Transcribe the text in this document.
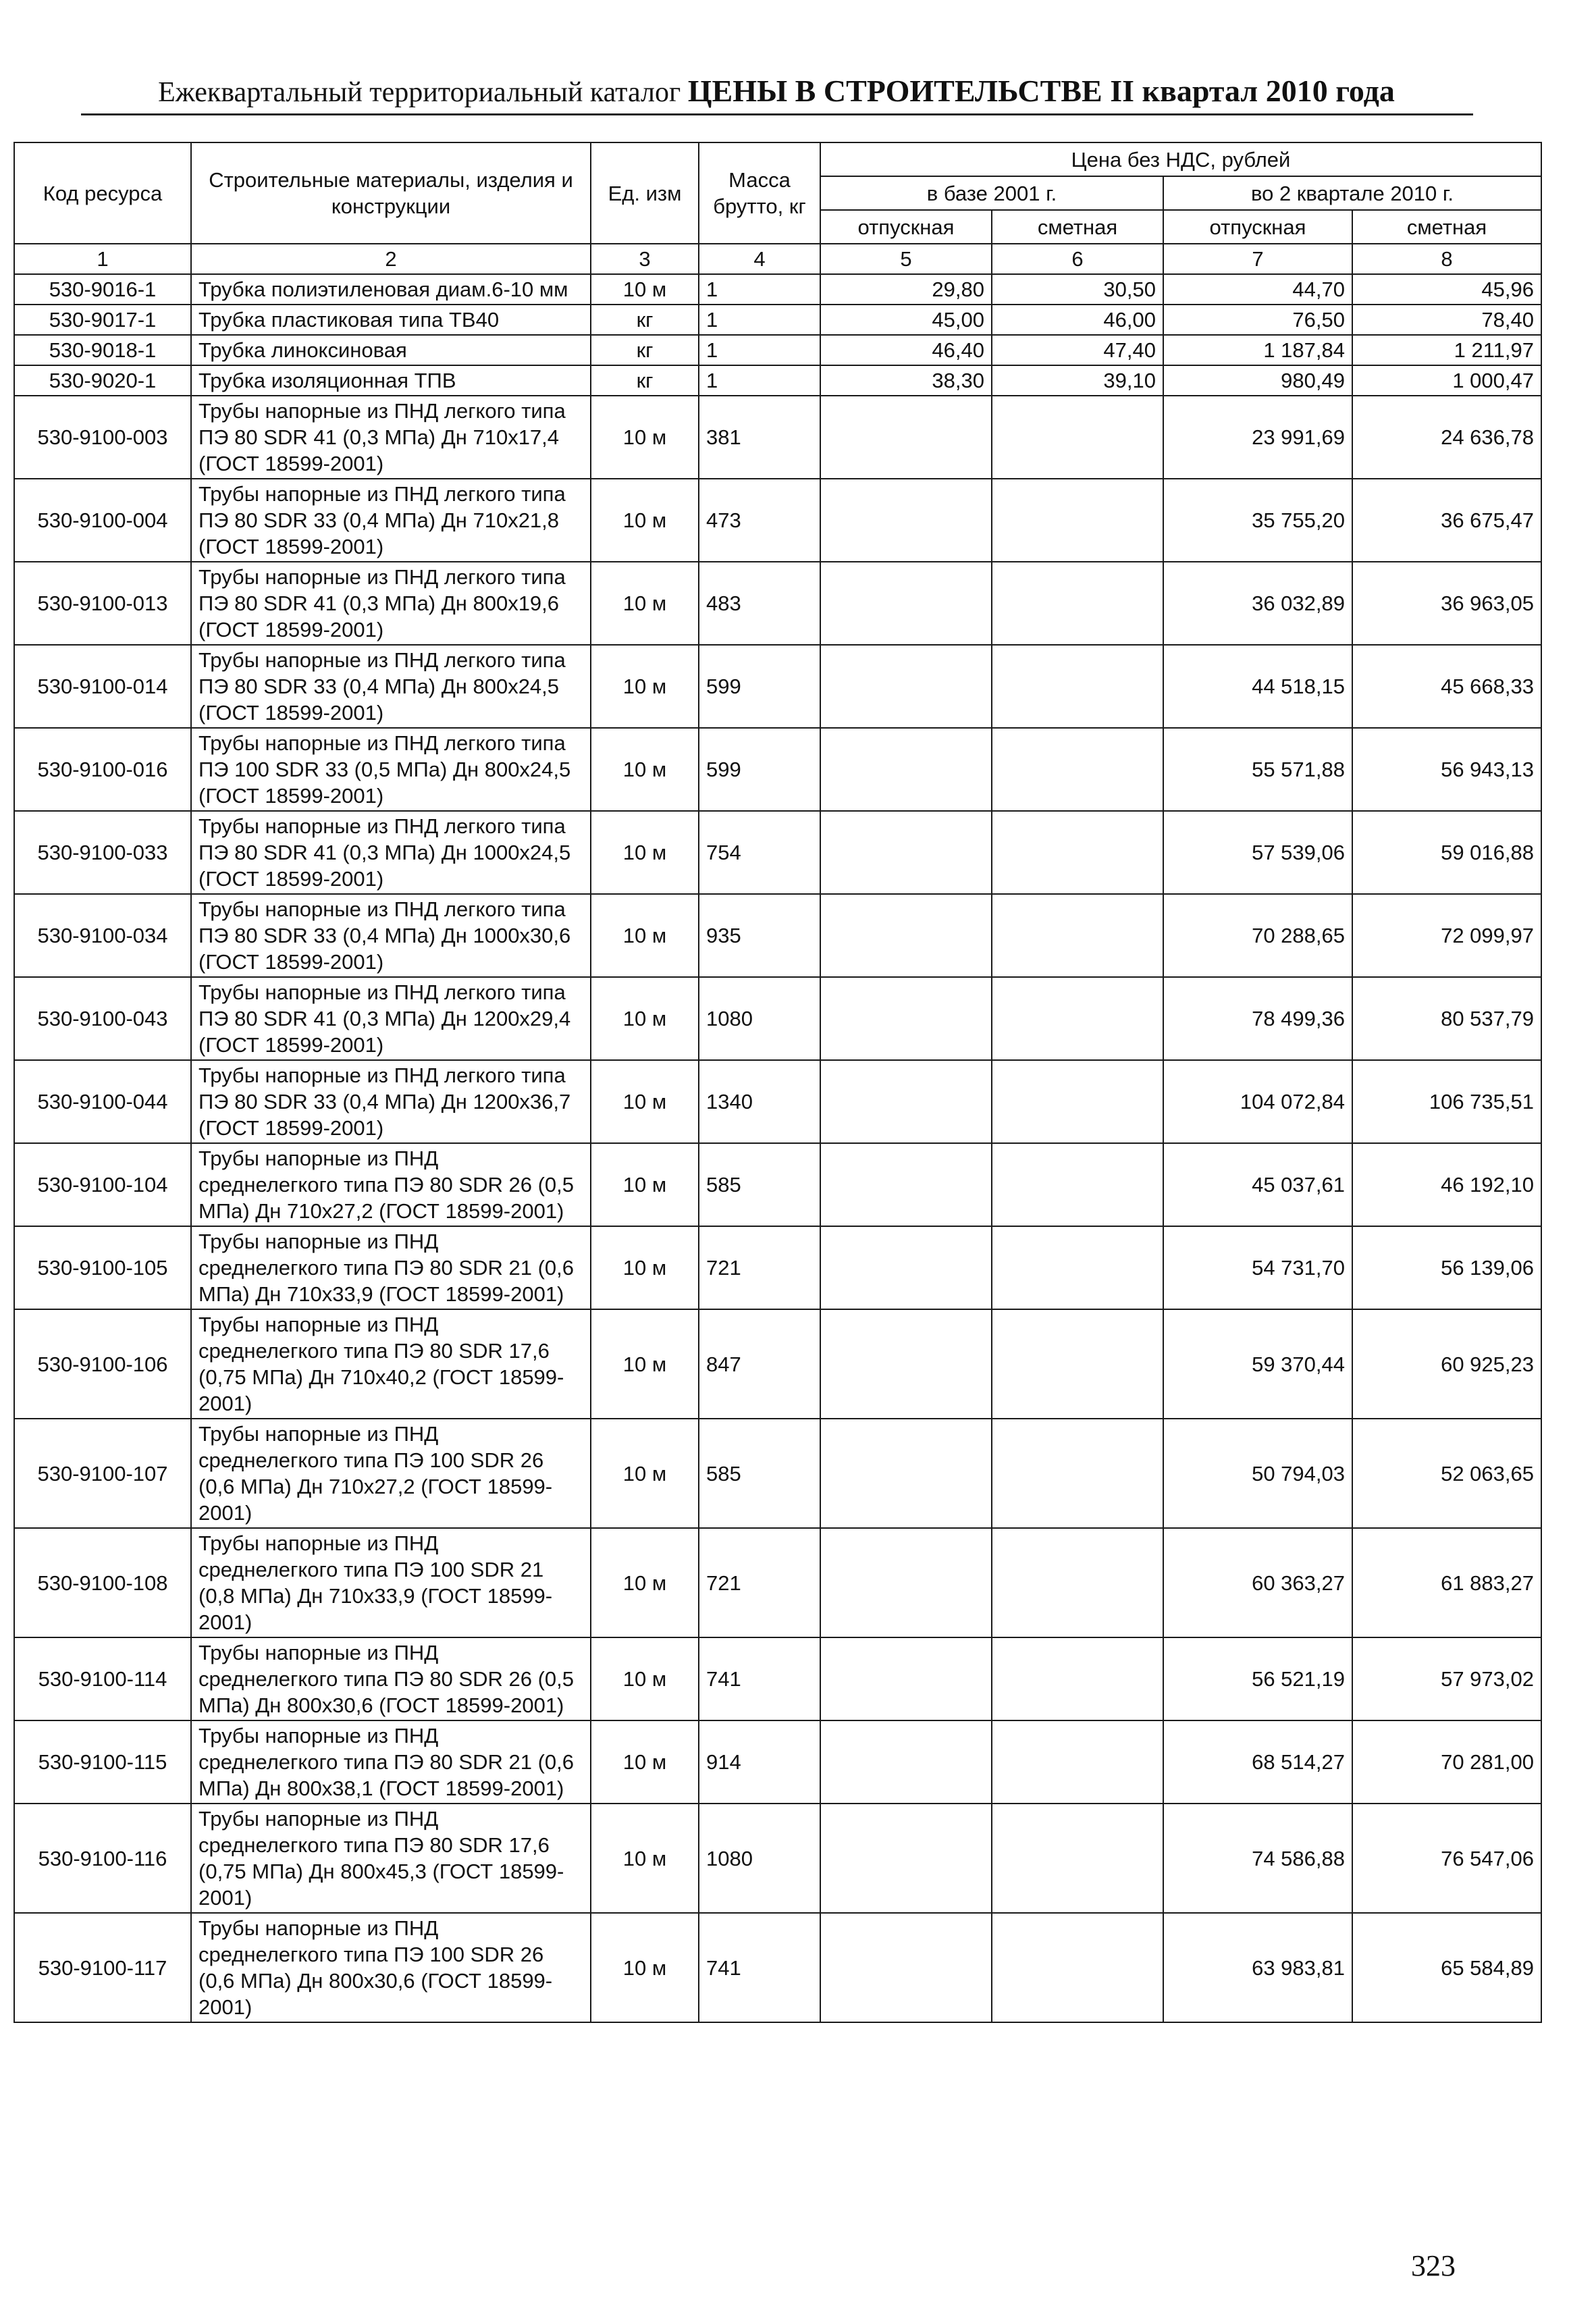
Ежеквартальный территориальный каталог ЦЕНЫ В СТРОИТЕЛЬСТВЕ II квартал 2010 года
Код ресурса	Строительные материалы, изделия и конструкции	Ед. изм	Масса брутто, кг	Цена без НДС, рублей			
				в базе 2001 г.		во 2 квартале 2010 г.	
				отпускная	сметная	отпускная	сметная
1	2	3	4	5	6	7	8
530-9016-1	Трубка полиэтиленовая диам.6-10 мм	10 м	1	29,80	30,50	44,70	45,96
530-9017-1	Трубка пластиковая типа ТВ40	кг	1	45,00	46,00	76,50	78,40
530-9018-1	Трубка линоксиновая	кг	1	46,40	47,40	1 187,84	1 211,97
530-9020-1	Трубка изоляционная ТПВ	кг	1	38,30	39,10	980,49	1 000,47
530-9100-003	Трубы напорные из ПНД легкого типа ПЭ 80 SDR 41 (0,3 МПа) Дн 710x17,4 (ГОСТ 18599-2001)	10 м	381			23 991,69	24 636,78
530-9100-004	Трубы напорные из ПНД легкого типа ПЭ 80 SDR 33 (0,4 МПа) Дн 710x21,8 (ГОСТ 18599-2001)	10 м	473			35 755,20	36 675,47
530-9100-013	Трубы напорные из ПНД легкого типа ПЭ 80 SDR 41 (0,3 МПа) Дн 800x19,6 (ГОСТ 18599-2001)	10 м	483			36 032,89	36 963,05
530-9100-014	Трубы напорные из ПНД легкого типа ПЭ 80 SDR 33 (0,4 МПа) Дн 800x24,5 (ГОСТ 18599-2001)	10 м	599			44 518,15	45 668,33
530-9100-016	Трубы напорные из ПНД легкого типа ПЭ 100 SDR 33 (0,5 МПа) Дн 800x24,5 (ГОСТ 18599-2001)	10 м	599			55 571,88	56 943,13
530-9100-033	Трубы напорные из ПНД легкого типа ПЭ 80 SDR 41 (0,3 МПа) Дн 1000x24,5 (ГОСТ 18599-2001)	10 м	754			57 539,06	59 016,88
530-9100-034	Трубы напорные из ПНД легкого типа ПЭ 80 SDR 33 (0,4 МПа) Дн 1000x30,6 (ГОСТ 18599-2001)	10 м	935			70 288,65	72 099,97
530-9100-043	Трубы напорные из ПНД легкого типа ПЭ 80 SDR 41 (0,3 МПа) Дн 1200x29,4 (ГОСТ 18599-2001)	10 м	1080			78 499,36	80 537,79
530-9100-044	Трубы напорные из ПНД легкого типа ПЭ 80 SDR 33 (0,4 МПа) Дн 1200x36,7 (ГОСТ 18599-2001)	10 м	1340			104 072,84	106 735,51
530-9100-104	Трубы напорные из ПНД среднелегкого типа ПЭ 80 SDR 26 (0,5 МПа) Дн 710x27,2 (ГОСТ 18599-2001)	10 м	585			45 037,61	46 192,10
530-9100-105	Трубы напорные из ПНД среднелегкого типа ПЭ 80 SDR 21 (0,6 МПа) Дн 710x33,9 (ГОСТ 18599-2001)	10 м	721			54 731,70	56 139,06
530-9100-106	Трубы напорные из ПНД среднелегкого типа ПЭ 80 SDR 17,6 (0,75 МПа) Дн 710x40,2 (ГОСТ 18599-2001)	10 м	847			59 370,44	60 925,23
530-9100-107	Трубы напорные из ПНД среднелегкого типа ПЭ 100 SDR 26 (0,6 МПа) Дн 710x27,2 (ГОСТ 18599-2001)	10 м	585			50 794,03	52 063,65
530-9100-108	Трубы напорные из ПНД среднелегкого типа ПЭ 100 SDR 21 (0,8 МПа) Дн 710x33,9 (ГОСТ 18599-2001)	10 м	721			60 363,27	61 883,27
530-9100-114	Трубы напорные из ПНД среднелегкого типа ПЭ 80 SDR 26 (0,5 МПа) Дн 800x30,6 (ГОСТ 18599-2001)	10 м	741			56 521,19	57 973,02
530-9100-115	Трубы напорные из ПНД среднелегкого типа ПЭ 80 SDR 21 (0,6 МПа) Дн 800x38,1 (ГОСТ 18599-2001)	10 м	914			68 514,27	70 281,00
530-9100-116	Трубы напорные из ПНД среднелегкого типа ПЭ 80 SDR 17,6 (0,75 МПа) Дн 800x45,3 (ГОСТ 18599-2001)	10 м	1080			74 586,88	76 547,06
530-9100-117	Трубы напорные из ПНД среднелегкого типа ПЭ 100 SDR 26 (0,6 МПа) Дн 800x30,6 (ГОСТ 18599-2001)	10 м	741			63 983,81	65 584,89
323
